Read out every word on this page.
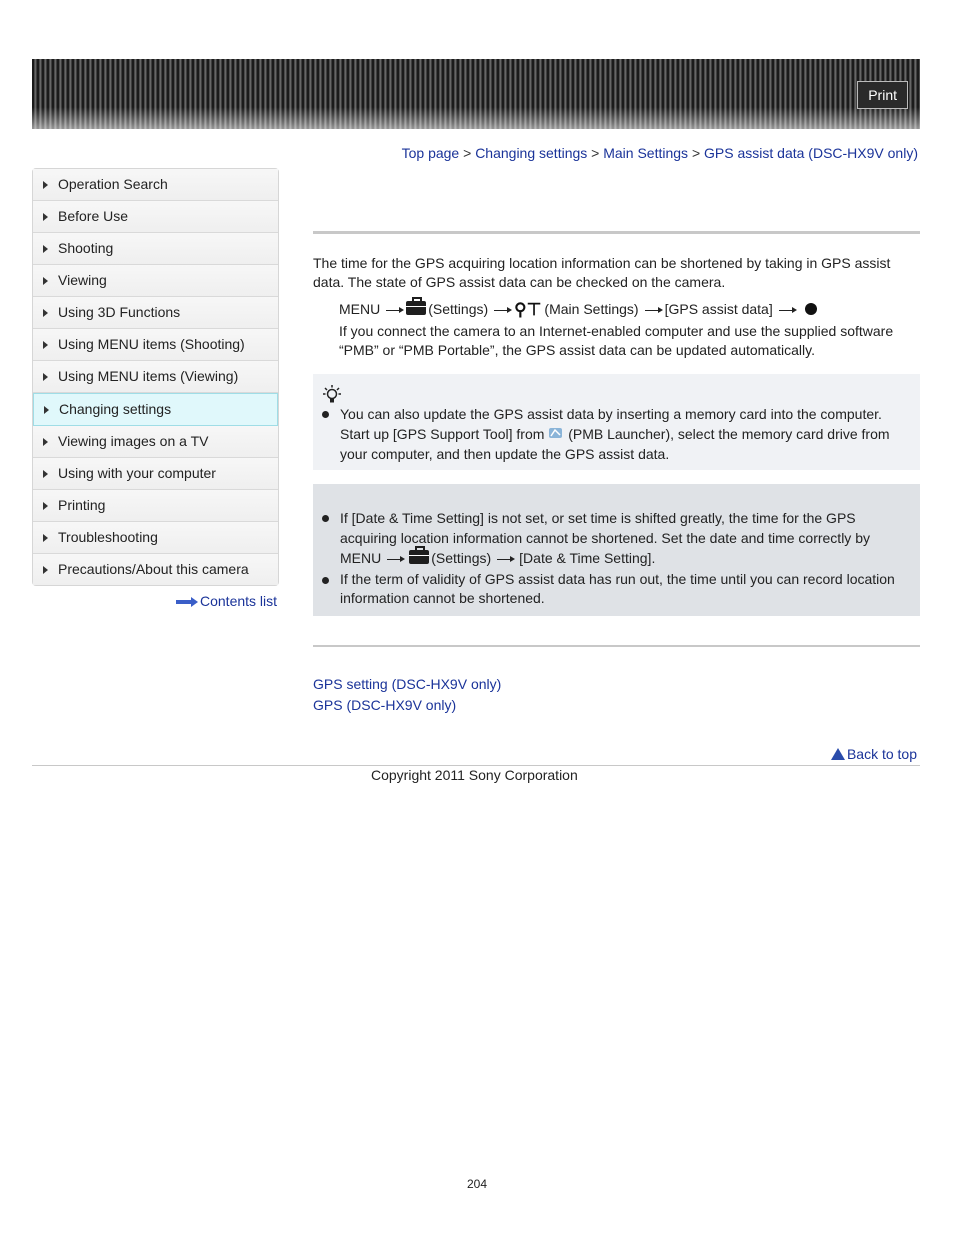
Print
Top page > Changing settings > Main Settings > GPS assist data (DSC-HX9V only)
Operation Search
Before Use
Shooting
Viewing
Using 3D Functions
Using MENU items (Shooting)
Using MENU items (Viewing)
Changing settings
Viewing images on a TV
Using with your computer
Printing
Troubleshooting
Precautions/About this camera
Contents list
The time for the GPS acquiring location information can be shortened by taking in GPS assist data. The state of GPS assist data can be checked on the camera.
MENU	(Settings) ⚲⊤ (Main Settings) [GPS assist data]
If you connect the camera to an Internet-enabled computer and use the supplied software “PMB” or “PMB Portable”, the GPS assist data can be updated automatically.
You can also update the GPS assist data by inserting a memory card into the computer. Start up [GPS Support Tool] from (PMB Launcher), select the memory card drive from your computer, and then update the GPS assist data.
If [Date & Time Setting] is not set, or set time is shifted greatly, the time for the GPS acquiring location information cannot be shortened. Set the date and time correctly by MENU	(Settings) [Date & Time Setting].
If the term of validity of GPS assist data has run out, the time until you can record location information cannot be shortened.
GPS setting (DSC-HX9V only)
GPS (DSC-HX9V only)
Back to top
Copyright 2011 Sony Corporation
204
